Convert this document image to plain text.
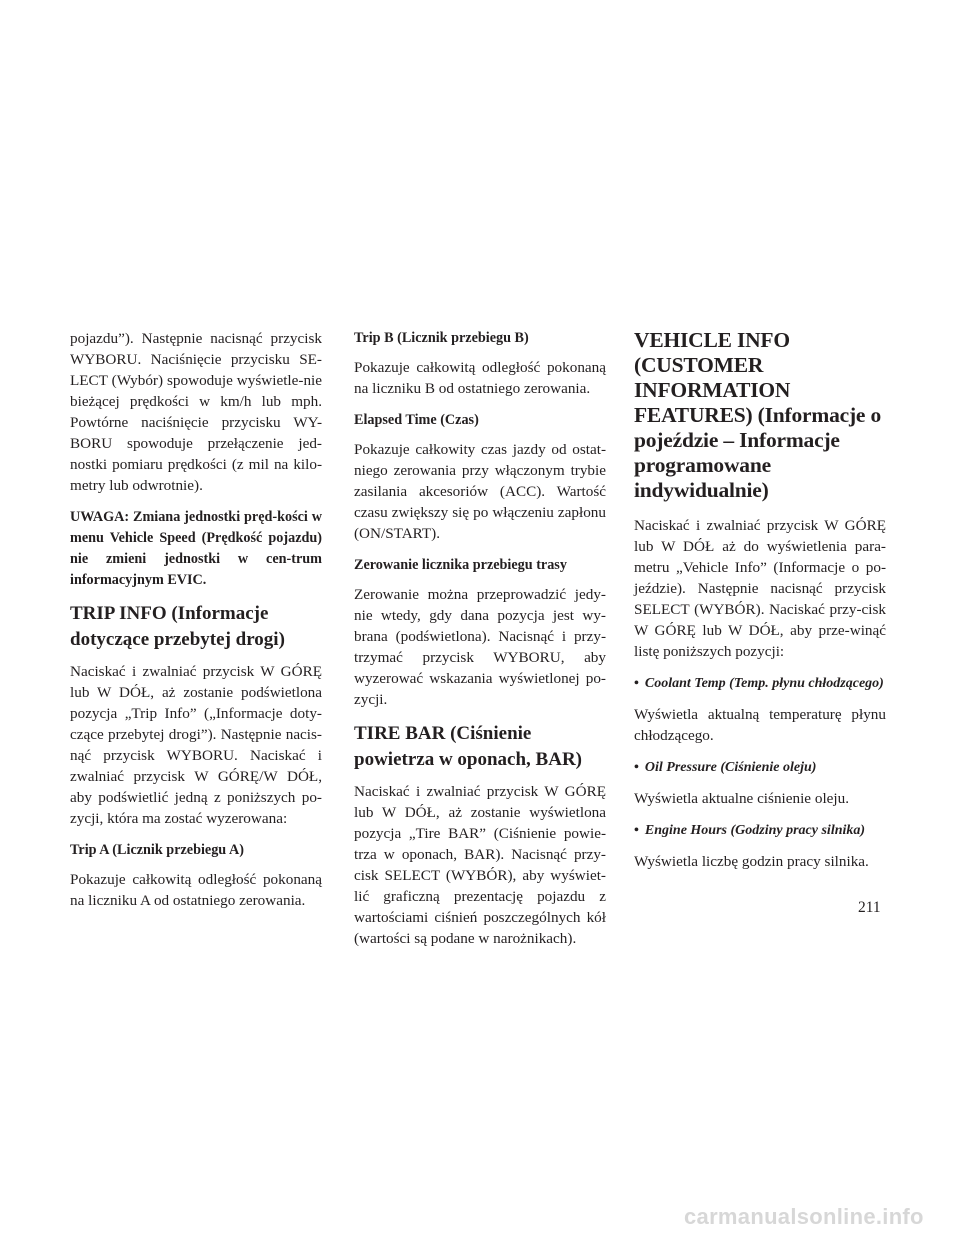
pojazdu”). Następnie nacisnąć przycisk WYBORU. Naciśnięcie przycisku SE-LECT (Wybór) spowoduje wyświetle-nie bieżącej prędkości w km/h lub mph. Powtórne naciśnięcie przycisku WY-BORU spowoduje przełączenie jed-nostki pomiaru prędkości (z mil na kilo-metry lub odwrotnie).

UWAGA: Zmiana jednostki pręd-kości w menu Vehicle Speed (Prędkość pojazdu) nie zmieni jednostki w cen-trum informacyjnym EVIC.

TRIP INFO (Informacje dotyczące przebytej drogi)

Naciskać i zwalniać przycisk W GÓRĘ lub W DÓŁ, aż zostanie podświetlona pozycja „Trip Info” („Informacje doty-czące przebytej drogi”). Następnie nacis-nąć przycisk WYBORU. Naciskać i zwalniać przycisk W GÓRĘ/W DÓŁ, aby podświetlić jedną z poniższych po-zycji, która ma zostać wyzerowana:

Trip A (Licznik przebiegu A)

Pokazuje całkowitą odległość pokonaną na liczniku A od ostatniego zerowania.

Trip B (Licznik przebiegu B)

Pokazuje całkowitą odległość pokonaną na liczniku B od ostatniego zerowania.

Elapsed Time (Czas)

Pokazuje całkowity czas jazdy od ostat-niego zerowania przy włączonym trybie zasilania akcesoriów (ACC). Wartość czasu zwiększy się po włączeniu zapłonu (ON/START).

Zerowanie licznika przebiegu trasy

Zerowanie można przeprowadzić jedy-nie wtedy, gdy dana pozycja jest wy-brana (podświetlona). Nacisnąć i przy-trzymać przycisk WYBORU, aby wyzerować wskazania wyświetlonej po-zycji.

TIRE BAR (Ciśnienie powietrza w oponach, BAR)

Naciskać i zwalniać przycisk W GÓRĘ lub W DÓŁ, aż zostanie wyświetlona pozycja „Tire BAR” (Ciśnienie powie-trza w oponach, BAR). Nacisnąć przy-cisk SELECT (WYBÓR), aby wyświet-lić graficzną prezentację pojazdu z wartościami ciśnień poszczególnych kół (wartości są podane w narożnikach).

VEHICLE INFO (CUSTOMER INFORMATION FEATURES) (Informacje o pojeździe – Informacje programowane indywidualnie)

Naciskać i zwalniać przycisk W GÓRĘ lub W DÓŁ aż do wyświetlenia para-metru „Vehicle Info” (Informacje o po-jeździe). Następnie nacisnąć przycisk SELECT (WYBÓR). Naciskać przy-cisk W GÓRĘ lub W DÓŁ, aby prze-winąć listę poniższych pozycji:

• Coolant Temp (Temp. płynu chłodzącego)

Wyświetla aktualną temperaturę płynu chłodzącego.

• Oil Pressure (Ciśnienie oleju)

Wyświetla aktualne ciśnienie oleju.

• Engine Hours (Godziny pracy silnika)

Wyświetla liczbę godzin pracy silnika.

211
carmanualsonline.info
